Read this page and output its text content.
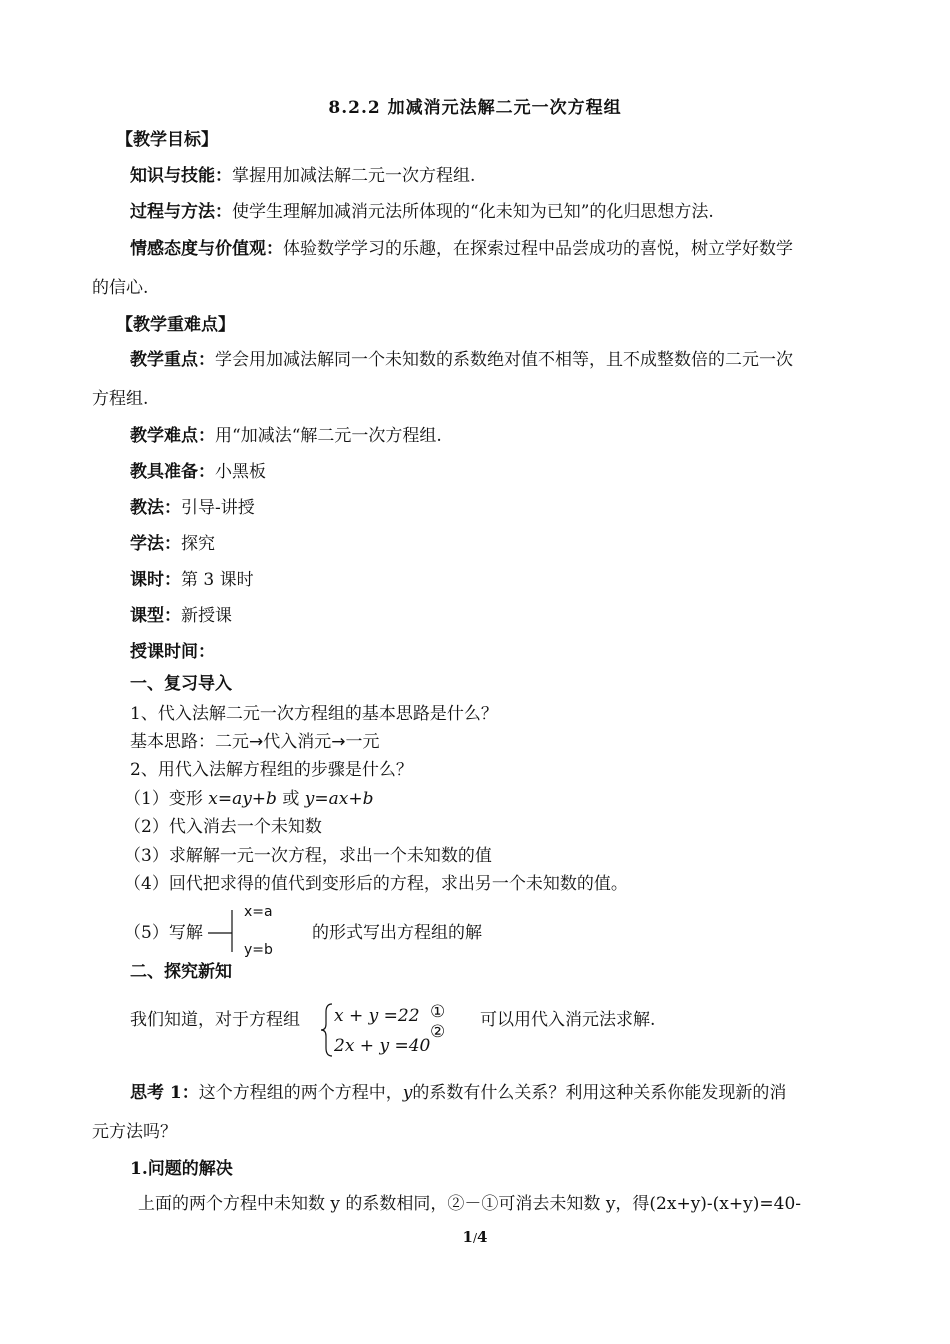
8.2.2 加减消元法解二元一次方程组
【教学目标】
知识与技能：掌握用加减法解二元一次方程组.
过程与方法：使学生理解加减消元法所体现的“化未知为已知”的化归思想方法.
情感态度与价值观：体验数学学习的乐趣，在探索过程中品尝成功的喜悦，树立学好数学
的信心.
【教学重难点】
教学重点：学会用加减法解同一个未知数的系数绝对值不相等，且不成整数倍的二元一次
方程组.
教学难点：用“加减法“解二元一次方程组.
教具准备：小黑板
教法：引导-讲授
学法：探究
课时：第 3 课时
课型：新授课
授课时间：
一、复习导入
1、代入法解二元一次方程组的基本思路是什么？
基本思路：二元→代入消元→一元
2、用代入法解方程组的步骤是什么？
（1）变形 x=ay+b 或 y=ax+b
（2）代入消去一个未知数
（3）求解解一元一次方程，求出一个未知数的值
（4）回代把求得的值代到变形后的方程，求出另一个未知数的值。
（5）写解
x=a
y=b
的形式写出方程组的解
二、探究新知
我们知道，对于方程组 x + y =22
2x + y =40
①
②
可以用代入消元法求解.
思考 1：这个方程组的两个方程中，y的系数有什么关系？利用这种关系你能发现新的消
元方法吗？
1.问题的解决
上面的两个方程中未知数 y 的系数相同，②－①可消去未知数 y，得(2x+y)-(x+y)=40-
1/4
